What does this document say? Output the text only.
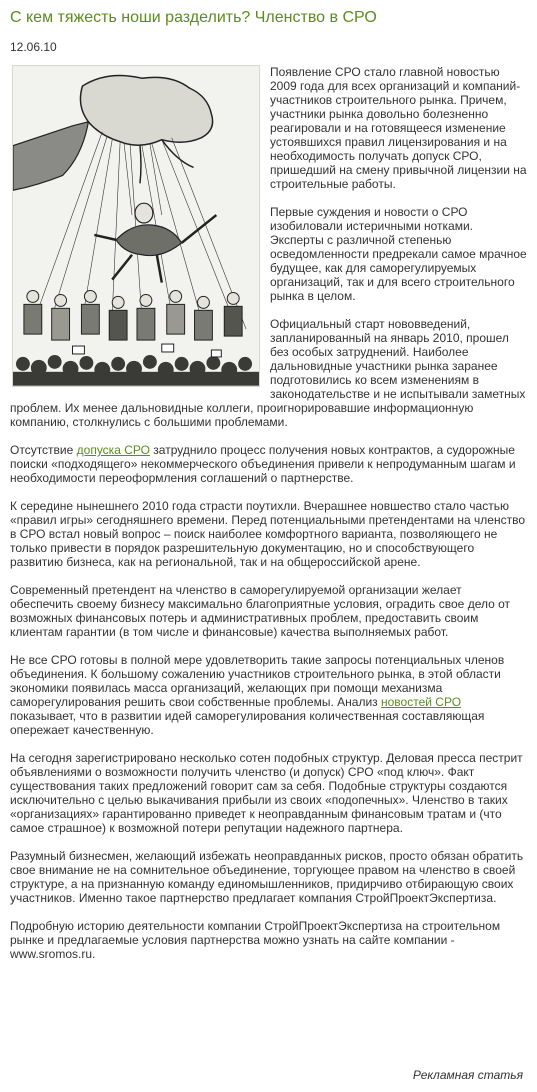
С кем тяжесть ноши разделить? Членство в СРО
12.06.10

Появление СРО стало главной новостью 2009 года для всех организаций и компаний-участников строительного рынка. Причем, участники рынка довольно болезненно реагировали и на готовящееся изменение устоявшихся правил лицензирования и на необходимость получать допуск СРО, пришедший на смену привычной лицензии на строительные работы.

Первые суждения и новости о СРО изобиловали истеричными нотками. Эксперты с различной степенью осведомленности предрекали самое мрачное будущее, как для саморегулируемых организаций, так и для всего строительного рынка в целом.

Официальный старт нововведений, запланированный на январь 2010, прошел без особых затруднений. Наиболее дальновидные участники рынка заранее подготовились ко всем изменениям в законодательстве и не испытывали заметных проблем. Их менее дальновидные коллеги, проигнорировавшие информационную компанию, столкнулись с большими проблемами.

Отсутствие допуска СРО затруднило процесс получения новых контрактов, а судорожные поиски «подходящего» некоммерческого объединения привели к непродуманным шагам и необходимости переоформления соглашений о партнерстве.

К середине нынешнего 2010 года страсти поутихли. Вчерашнее новшество стало частью «правил игры» сегодняшнего времени. Перед потенциальными претендентами на членство в СРО встал новый вопрос – поиск наиболее комфортного варианта, позволяющего не только привести в порядок разрешительную документацию, но и способствующего развитию бизнеса, как на региональной, так и на общероссийской арене.

Современный претендент на членство в саморегулируемой организации желает обеспечить своему бизнесу максимально благоприятные условия, оградить свое дело от возможных финансовых потерь и административных проблем, предоставить своим клиентам гарантии (в том числе и финансовые) качества выполняемых работ.

Не все СРО готовы в полной мере удовлетворить такие запросы потенциальных членов объединения. К большому сожалению участников строительного рынка, в этой области экономики появилась масса организаций, желающих при помощи механизма саморегулирования решить свои собственные проблемы. Анализ новостей СРО показывает, что в развитии идей саморегулирования количественная составляющая опережает качественную.

На сегодня зарегистрировано несколько сотен подобных структур. Деловая пресса пестрит объявлениями о возможности получить членство (и допуск) СРО «под ключ». Факт существования таких предложений говорит сам за себя. Подобные структуры создаются исключительно с целью выкачивания прибыли из своих «подопечных». Членство в таких «организациях» гарантированно приведет к неоправданным финансовым тратам и (что самое страшное) к возможной потери репутации надежного партнера.

Разумный бизнесмен, желающий избежать неоправданных рисков, просто обязан обратить свое внимание не на сомнительное объединение, торгующее правом на членство в своей структуре, а на признанную команду единомышленников, придирчиво отбирающую своих участников. Именно такое партнерство предлагает компания СтройПроектЭкспертиза.

Подробную историю деятельности компании СтройПроектЭкспертиза на строительном рынке и предлагаемые условия партнерства можно узнать на сайте компании - www.sromos.ru.

Рекламная статья
